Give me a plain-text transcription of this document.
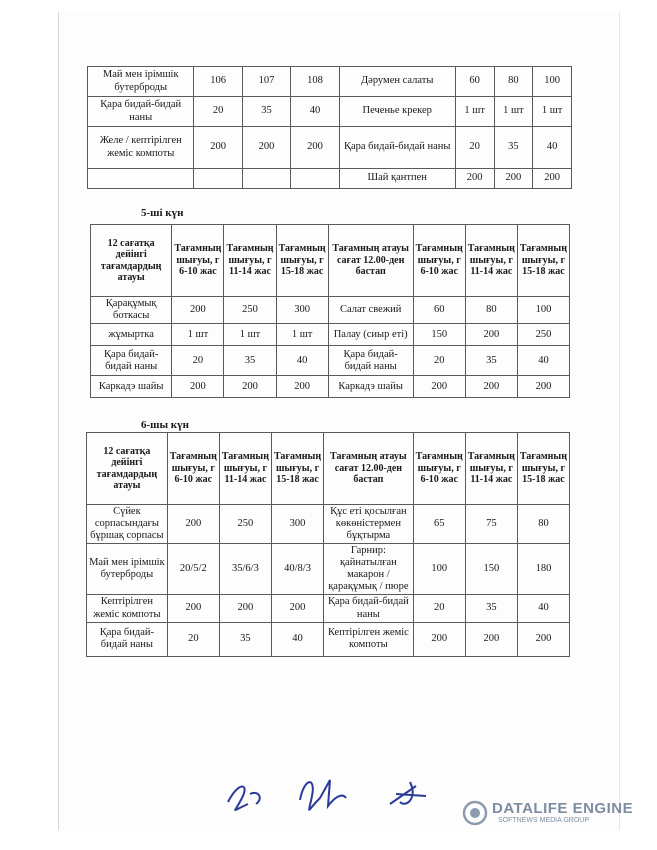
Май мен ірімшік бутерброды	106	107	108	Дәрумен салаты	60	80	100
Қара бидай-бидай наны	20	35	40	Печенье крекер	1 шт	1 шт	1 шт
Желе / кептірілген жеміс компоты	200	200	200	Қара бидай-бидай наны	20	35	40
				Шай қантпен	200	200	200
5-ші күн
12 сағатқа дейінгі тағамдардың атауы	Тағамның шығуы, г 6-10 жас	Тағамның шығуы, г 11-14 жас	Тағамның шығуы, г 15-18 жас	Тағамның атауы сағат 12.00-ден бастап	Тағамның шығуы, г 6-10 жас	Тағамның шығуы, г 11-14 жас	Тағамның шығуы, г 15-18 жас
Қарақұмық боткасы	200	250	300	Салат свежий	60	80	100
жұмыртка	1 шт	1 шт	1 шт	Палау (сиыр еті)	150	200	250
Қара бидай-бидай наны	20	35	40	Қара бидай-бидай наны	20	35	40
Каркадэ шайы	200	200	200	Каркадэ шайы	200	200	200
6-шы күн
12 сағатқа дейінгі тағамдардың атауы	Тағамның шығуы, г 6-10 жас	Тағамның шығуы, г 11-14 жас	Тағамның шығуы, г 15-18 жас	Тағамның атауы сағат 12.00-ден бастап	Тағамның шығуы, г 6-10 жас	Тағамның шығуы, г 11-14 жас	Тағамның шығуы, г 15-18 жас
Сүйек сорпасындағы бұршақ сорпасы	200	250	300	Құс еті қосылған көкөністермен бұқтырма	65	75	80
Май мен ірімшік бутерброды	20/5/2	35/6/3	40/8/3	Гарнир: қайнатылған макарон / қарақұмық / пюре	100	150	180
Кептірілген жеміс компоты	200	200	200	Қара бидай-бидай наны	20	35	40
Қара бидай-бидай наны	20	35	40	Кептірілген жеміс компоты	200	200	200
DATALIFE ENGINE
SOFTNEWS MEDIA GROUP
